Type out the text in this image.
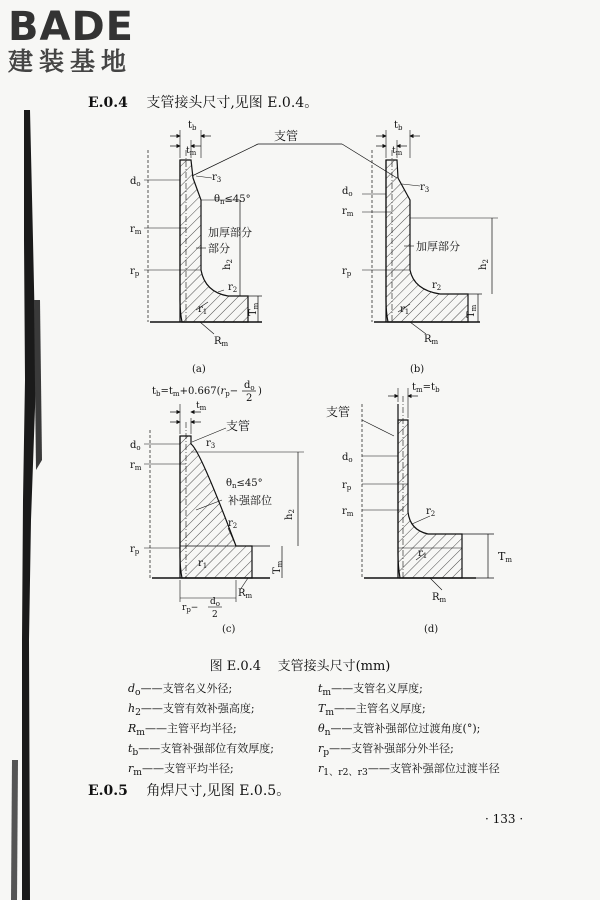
BADE
建装基地
E.0.4 支管接头尺寸,见图 E.0.4。
支管
$t_b$
$t_m$
$d_o$
$r_m$
$r_p$
$r_3$
$\theta_n\le 45^\circ$
加厚部分
部分
$h_2$
$r_2$
$r_1$	$T_m$
$R_m$
(a)
$t_b$
$t_m$
$d_o$
$r_m$
$r_p$
$r_3$
加厚部分
$h_2$
$r_2$
$r_1$	$T_m$
$R_m$
(b)
$t_b=t_m+0.667(r_p-$
$d_o$
2
)
$t_m$
支管
$d_o$
$r_m$
$r_p$
$r_3$
$\theta_n\le 45^\circ$
补强部位
$h_2$
$r_2$
$r_1$
$T_m$
$r_p-$
$d_o$
2
$R_m$
(c)
$t_m=t_b$
支管
$d_o$
$r_p$
$r_m$	$r_2$
$r_1$	Tm
$R_m$
(d)
图 E.0.4 支管接头尺寸(mm)
$d_o——$支管名义外径;	$t_m——$支管名义厚度;
$h_2——$支管有效补强高度;	$T_m——$主管名义厚度;
$R_m——$主管平均半径;	$\theta_n——$支管补强部位过渡角度(°);
$t_b——$支管补强部位有效厚度;	$r_p——$支管补强部分外半径;
$r_m——$支管平均半径;	$r_{1、r2、r3}——$支管补强部位过渡半径
E.0.5 角焊尺寸,见图 E.0.5。
· 133 ·
